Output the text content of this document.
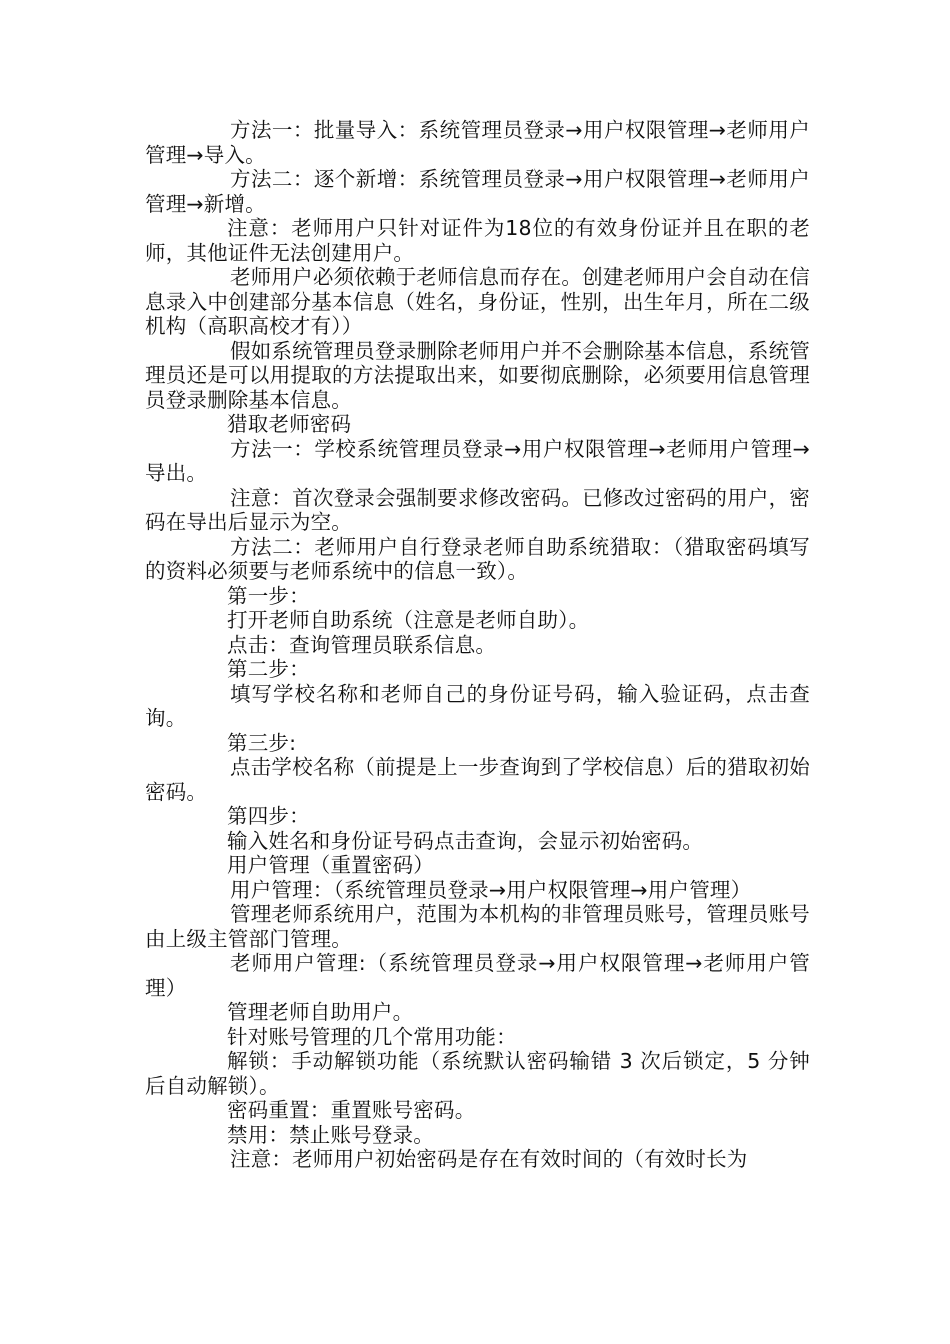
方法一：批量导入：系统管理员登录→用户权限管理→老师用户管理→导入。

方法二：逐个新增：系统管理员登录→用户权限管理→老师用户管理→新增。

注意：老师用户只针对证件为18位的有效身份证并且在职的老师，其他证件无法创建用户。

老师用户必须依赖于老师信息而存在。创建老师用户会自动在信息录入中创建部分基本信息（姓名，身份证，性别，出生年月，所在二级机构（高职高校才有））

假如系统管理员登录删除老师用户并不会删除基本信息，系统管理员还是可以用提取的方法提取出来，如要彻底删除，必须要用信息管理员登录删除基本信息。

猎取老师密码

方法一：学校系统管理员登录→用户权限管理→老师用户管理→导出。

注意：首次登录会强制要求修改密码。已修改过密码的用户，密码在导出后显示为空。

方法二：老师用户自行登录老师自助系统猎取：（猎取密码填写的资料必须要与老师系统中的信息一致）。

第一步：

打开老师自助系统（注意是老师自助）。

点击：查询管理员联系信息。

第二步：

填写学校名称和老师自己的身份证号码，输入验证码，点击查询。

第三步:

点击学校名称（前提是上一步查询到了学校信息）后的猎取初始密码。

第四步：

输入姓名和身份证号码点击查询，会显示初始密码。

用户管理（重置密码）

用户管理：（系统管理员登录→用户权限管理→用户管理）

管理老师系统用户，范围为本机构的非管理员账号，管理员账号由上级主管部门管理。

老师用户管理:（系统管理员登录→用户权限管理→老师用户管理）

管理老师自助用户。

针对账号管理的几个常用功能：

解锁：手动解锁功能（系统默认密码输错 3 次后锁定，5 分钟后自动解锁）。

密码重置：重置账号密码。

禁用：禁止账号登录。

注意：老师用户初始密码是存在有效时间的（有效时长为
